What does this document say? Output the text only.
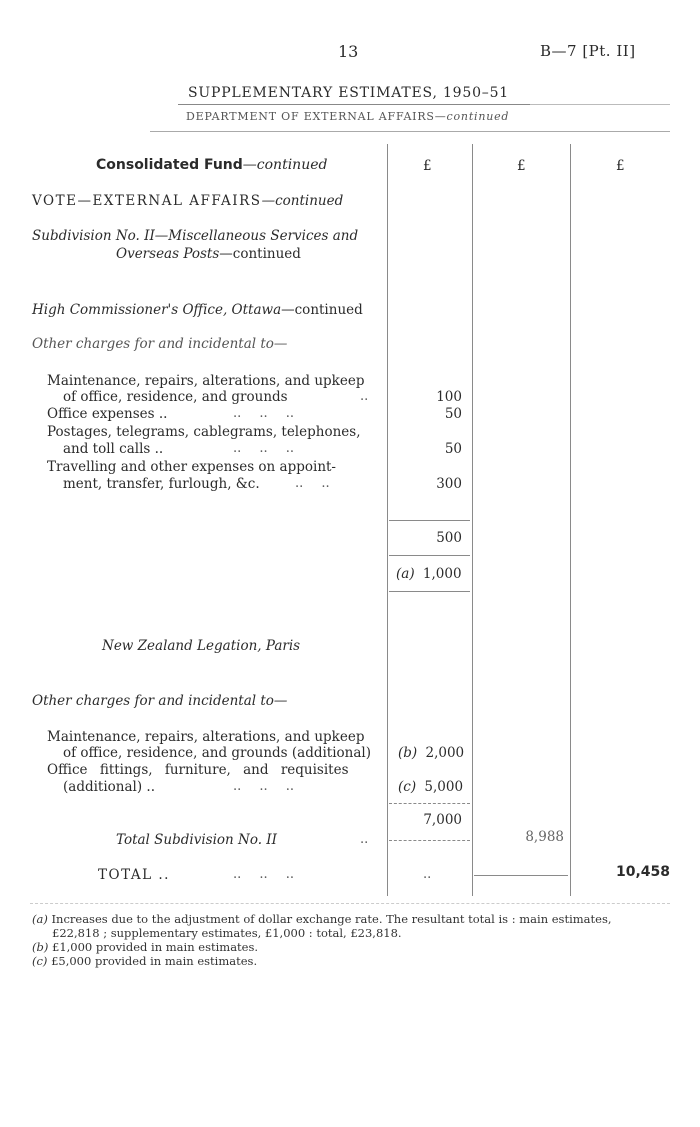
13	B—7 [Pt. II]
SUPPLEMENTARY ESTIMATES, 1950–51
DEPARTMENT OF EXTERNAL AFFAIRS—continued
£	£	£
Consolidated Fund—continued
VOTE—EXTERNAL AFFAIRS—continued
Subdivision No. II—Miscellaneous Services and
Overseas Posts—continued
High Commissioner's Office, Ottawa—continued
Other charges for and incidental to—
Maintenance, repairs, alterations, and upkeep
of office, residence, and grounds	..	100
Office expenses ..	.. .. ..	50
Postages, telegrams, cablegrams, telephones,
and toll calls ..	.. .. ..	50
Travelling and other expenses on appoint-
ment, transfer, furlough, &c.	.. ..	300
500
(a) 1,000
New Zealand Legation, Paris
Other charges for and incidental to—
Maintenance, repairs, alterations, and upkeep
of office, residence, and grounds (additional) (b) 2,000
Office fittings, furniture, and requisites
(additional) ..	.. .. ..	(c) 5,000
7,000
Total Subdivision No. II	..	8,988
TOTAL ..	.. .. ..	..	10,458
(a) Increases due to the adjustment of dollar exchange rate. The resultant total is : main estimates,
£22,818 ; supplementary estimates, £1,000 : total, £23,818.
(b) £1,000 provided in main estimates.
(c) £5,000 provided in main estimates.
